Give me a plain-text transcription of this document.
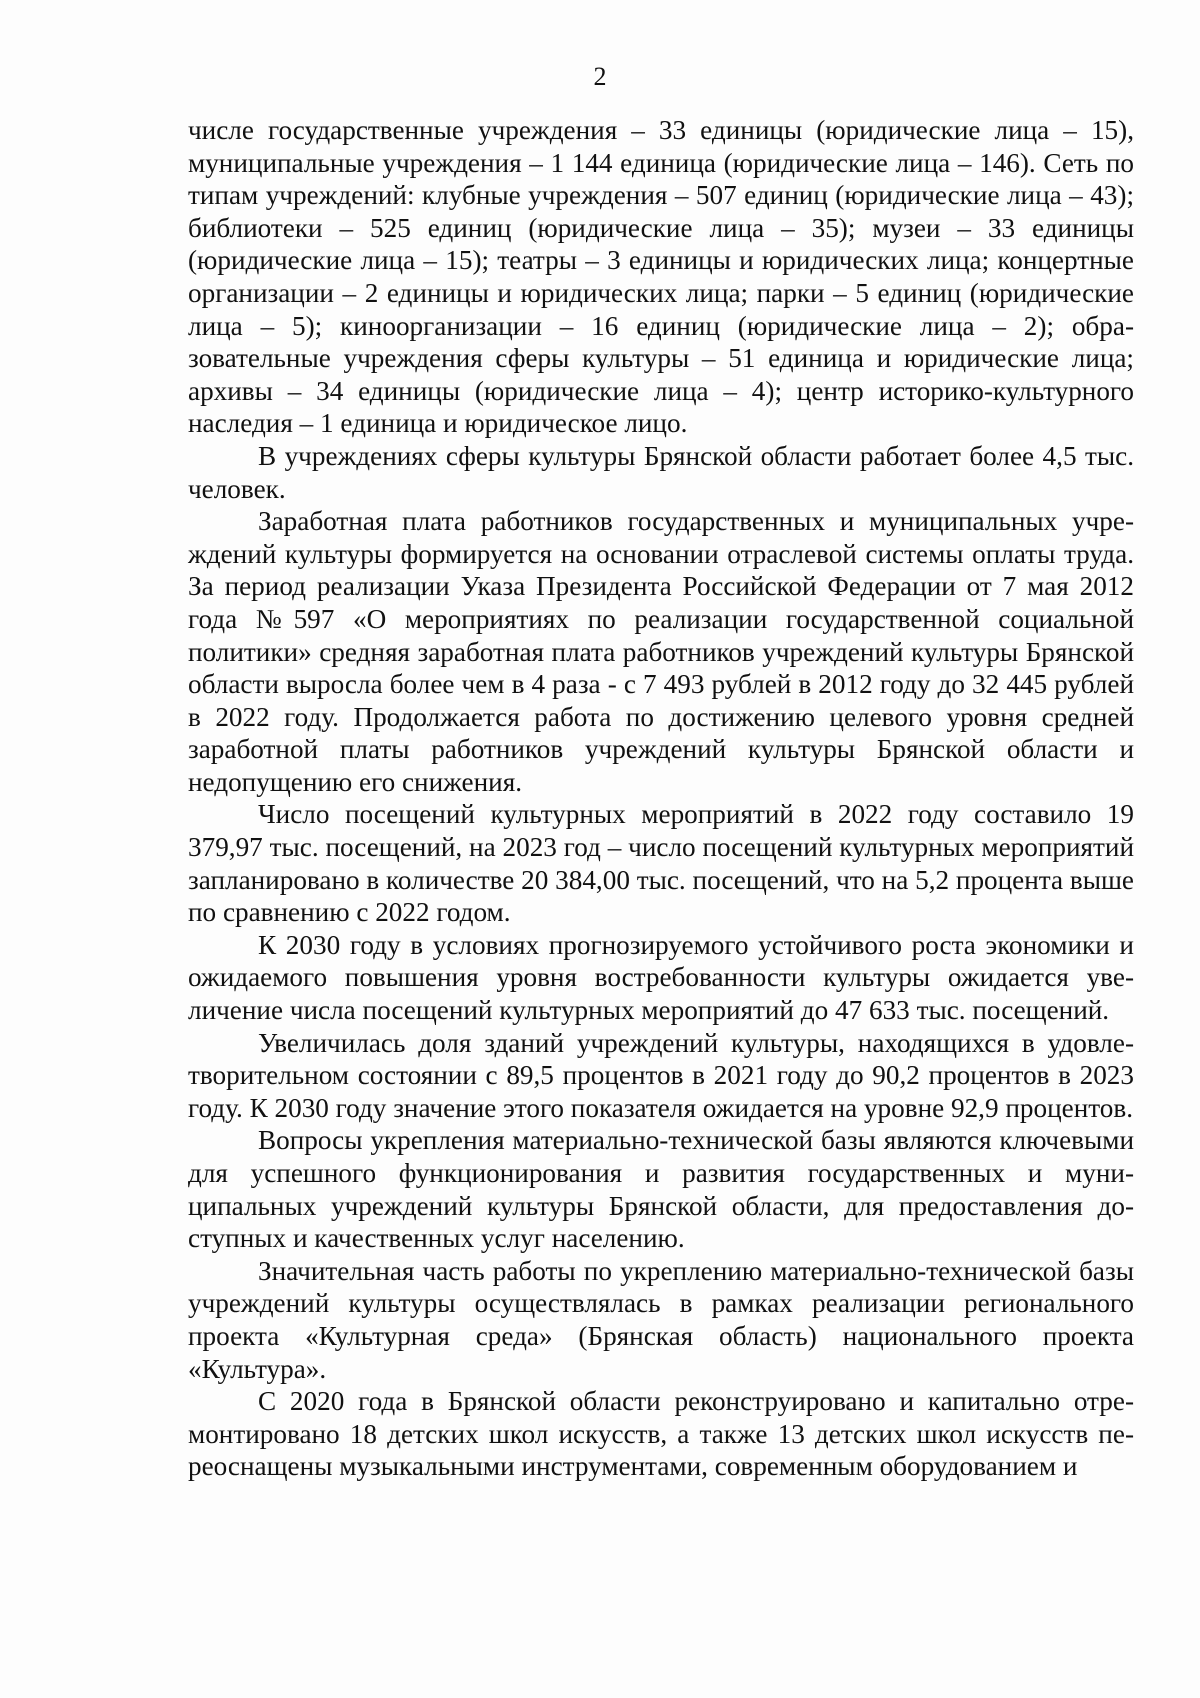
2

числе государственные учреждения – 33 единицы (юридические лица – 15), муниципальные учреждения – 1 144 единица (юридические лица – 146). Сеть по типам учреждений: клубные учреждения – 507 единиц (юридические лица – 43); библиотеки – 525 единиц (юридические лица – 35); музеи – 33 единицы (юридические лица – 15); театры – 3 единицы и юридических лица; концертные организации – 2 единицы и юридических лица; парки – 5 единиц (юридические лица – 5); киноорганизации – 16 единиц (юридические лица – 2); образовательные учреждения сферы культуры – 51 единица и юридические лица; архивы – 34 единицы (юридические лица – 4); центр историко-культурного наследия – 1 единица и юридическое лицо.

В учреждениях сферы культуры Брянской области работает более 4,5 тыс. человек.

Заработная плата работников государственных и муниципальных учреждений культуры формируется на основании отраслевой системы оплаты труда. За период реализации Указа Президента Российской Федерации от 7 мая 2012 года №597 «О мероприятиях по реализации государственной социальной политики» средняя заработная плата работников учреждений культуры Брянской области выросла более чем в 4 раза - с 7 493 рублей в 2012 году до 32 445 рублей в 2022 году. Продолжается работа по достижению целевого уровня средней заработной платы работников учреждений культуры Брянской области и недопущению его снижения.

Число посещений культурных мероприятий в 2022 году составило 19 379,97 тыс. посещений, на 2023 год – число посещений культурных мероприятий запланировано в количестве 20 384,00 тыс. посещений, что на 5,2 процента выше по сравнению с 2022 годом.

К 2030 году в условиях прогнозируемого устойчивого роста экономики и ожидаемого повышения уровня востребованности культуры ожидается увеличение числа посещений культурных мероприятий до 47 633 тыс. посещений.

Увеличилась доля зданий учреждений культуры, находящихся в удовлетворительном состоянии с 89,5 процентов в 2021 году до 90,2 процентов в 2023 году. К 2030 году значение этого показателя ожидается на уровне 92,9 процентов.

Вопросы укрепления материально-технической базы являются ключевыми для успешного функционирования и развития государственных и муниципальных учреждений культуры Брянской области, для предоставления доступных и качественных услуг населению.

Значительная часть работы по укреплению материально-технической базы учреждений культуры осуществлялась в рамках реализации регионального проекта «Культурная среда» (Брянская область) национального проекта «Культура».

С 2020 года в Брянской области реконструировано и капитально отремонтировано 18 детских школ искусств, а также 13 детских школ искусств переоснащены музыкальными инструментами, современным оборудованием и
